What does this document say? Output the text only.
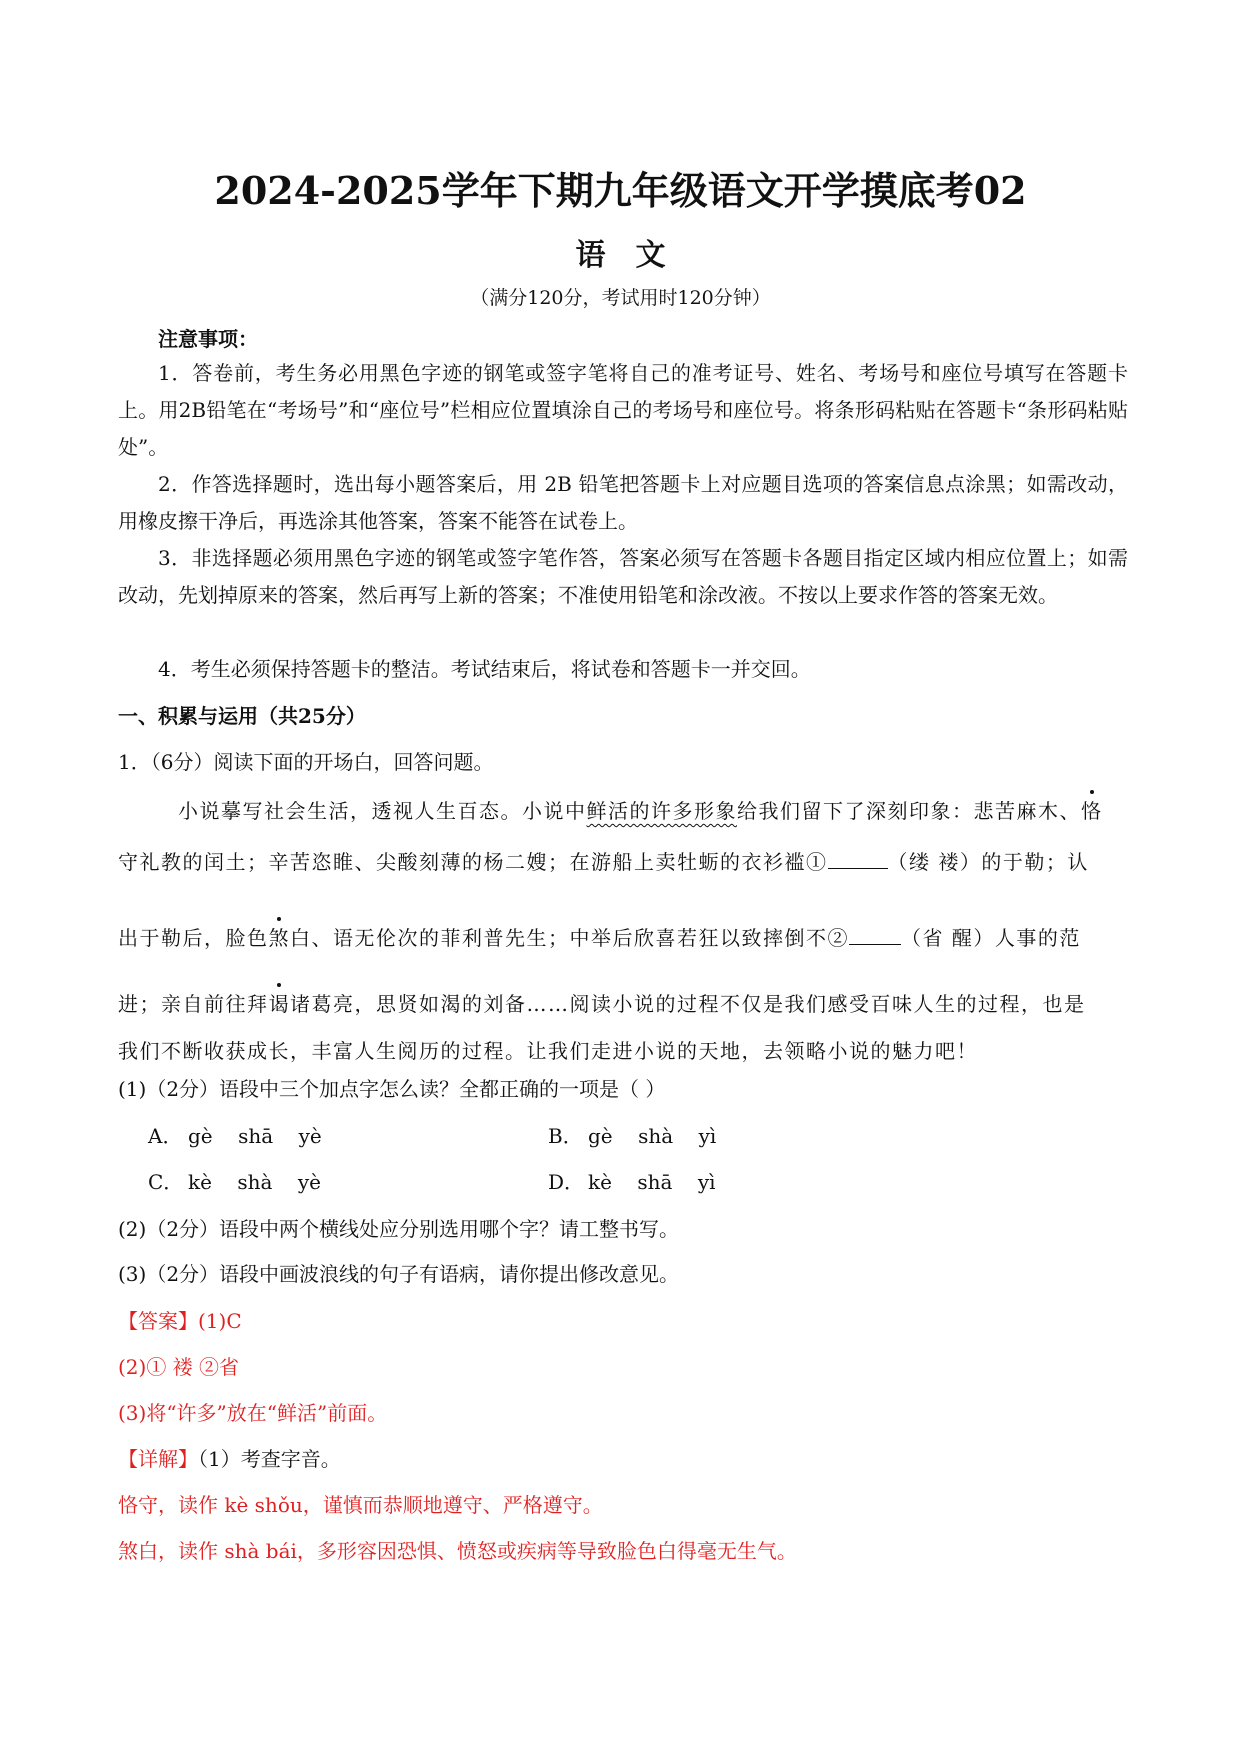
2024-2025学年下期九年级语文开学摸底考02
语文
（满分120分，考试用时120分钟）
注意事项：

1．答卷前，考生务必用黑色字迹的钢笔或签字笔将自己的准考证号、姓名、考场号和座位号填写在答题卡上。用2B铅笔在“考场号”和“座位号”栏相应位置填涂自己的考场号和座位号。将条形码粘贴在答题卡“条形码粘贴处”。

2．作答选择题时，选出每小题答案后，用 2B 铅笔把答题卡上对应题目选项的答案信息点涂黑；如需改动，用橡皮擦干净后，再选涂其他答案，答案不能答在试卷上。

3．非选择题必须用黑色字迹的钢笔或签字笔作答，答案必须写在答题卡各题目指定区域内相应位置上；如需改动，先划掉原来的答案，然后再写上新的答案；不准使用铅笔和涂改液。不按以上要求作答的答案无效。

4．考生必须保持答题卡的整洁。考试结束后，将试卷和答题卡一并交回。

一、积累与运用（共25分）
1．（6分）阅读下面的开场白，回答问题。
小说摹写社会生活，透视人生百态。小说中鲜活的许多形象给我们留下了深刻印象：悲苦麻木、恪
守礼教的闰土；辛苦恣睢、尖酸刻薄的杨二嫂；在游船上卖牡蛎的衣衫褴①	（缕 褛）的于勒；认
出于勒后，脸色煞白、语无伦次的菲利普先生；中举后欣喜若狂以致摔倒不②	（省 醒）人事的范
进；亲自前往拜谒诸葛亮，思贤如渴的刘备……阅读小说的过程不仅是我们感受百味人生的过程，也是
我们不断收获成长，丰富人生阅历的过程。让我们走进小说的天地，去领略小说的魅力吧！
(1)（2分）语段中三个加点字怎么读？全都正确的一项是（ ）
A． gè    shā    yè	B． gè    shà    yì
C． kè    shà    yè	D． kè    shā    yì
(2)（2分）语段中两个横线处应分别选用哪个字？请工整书写。
(3)（2分）语段中画波浪线的句子有语病，请你提出修改意见。
【答案】(1)C
(2)① 褛 ②省
(3)将“许多”放在“鲜活”前面。
【详解】（1）考查字音。
恪守，读作 kè shǒu，谨慎而恭顺地遵守、严格遵守。
煞白，读作 shà bái，多形容因恐惧、愤怒或疾病等导致脸色白得毫无生气。
